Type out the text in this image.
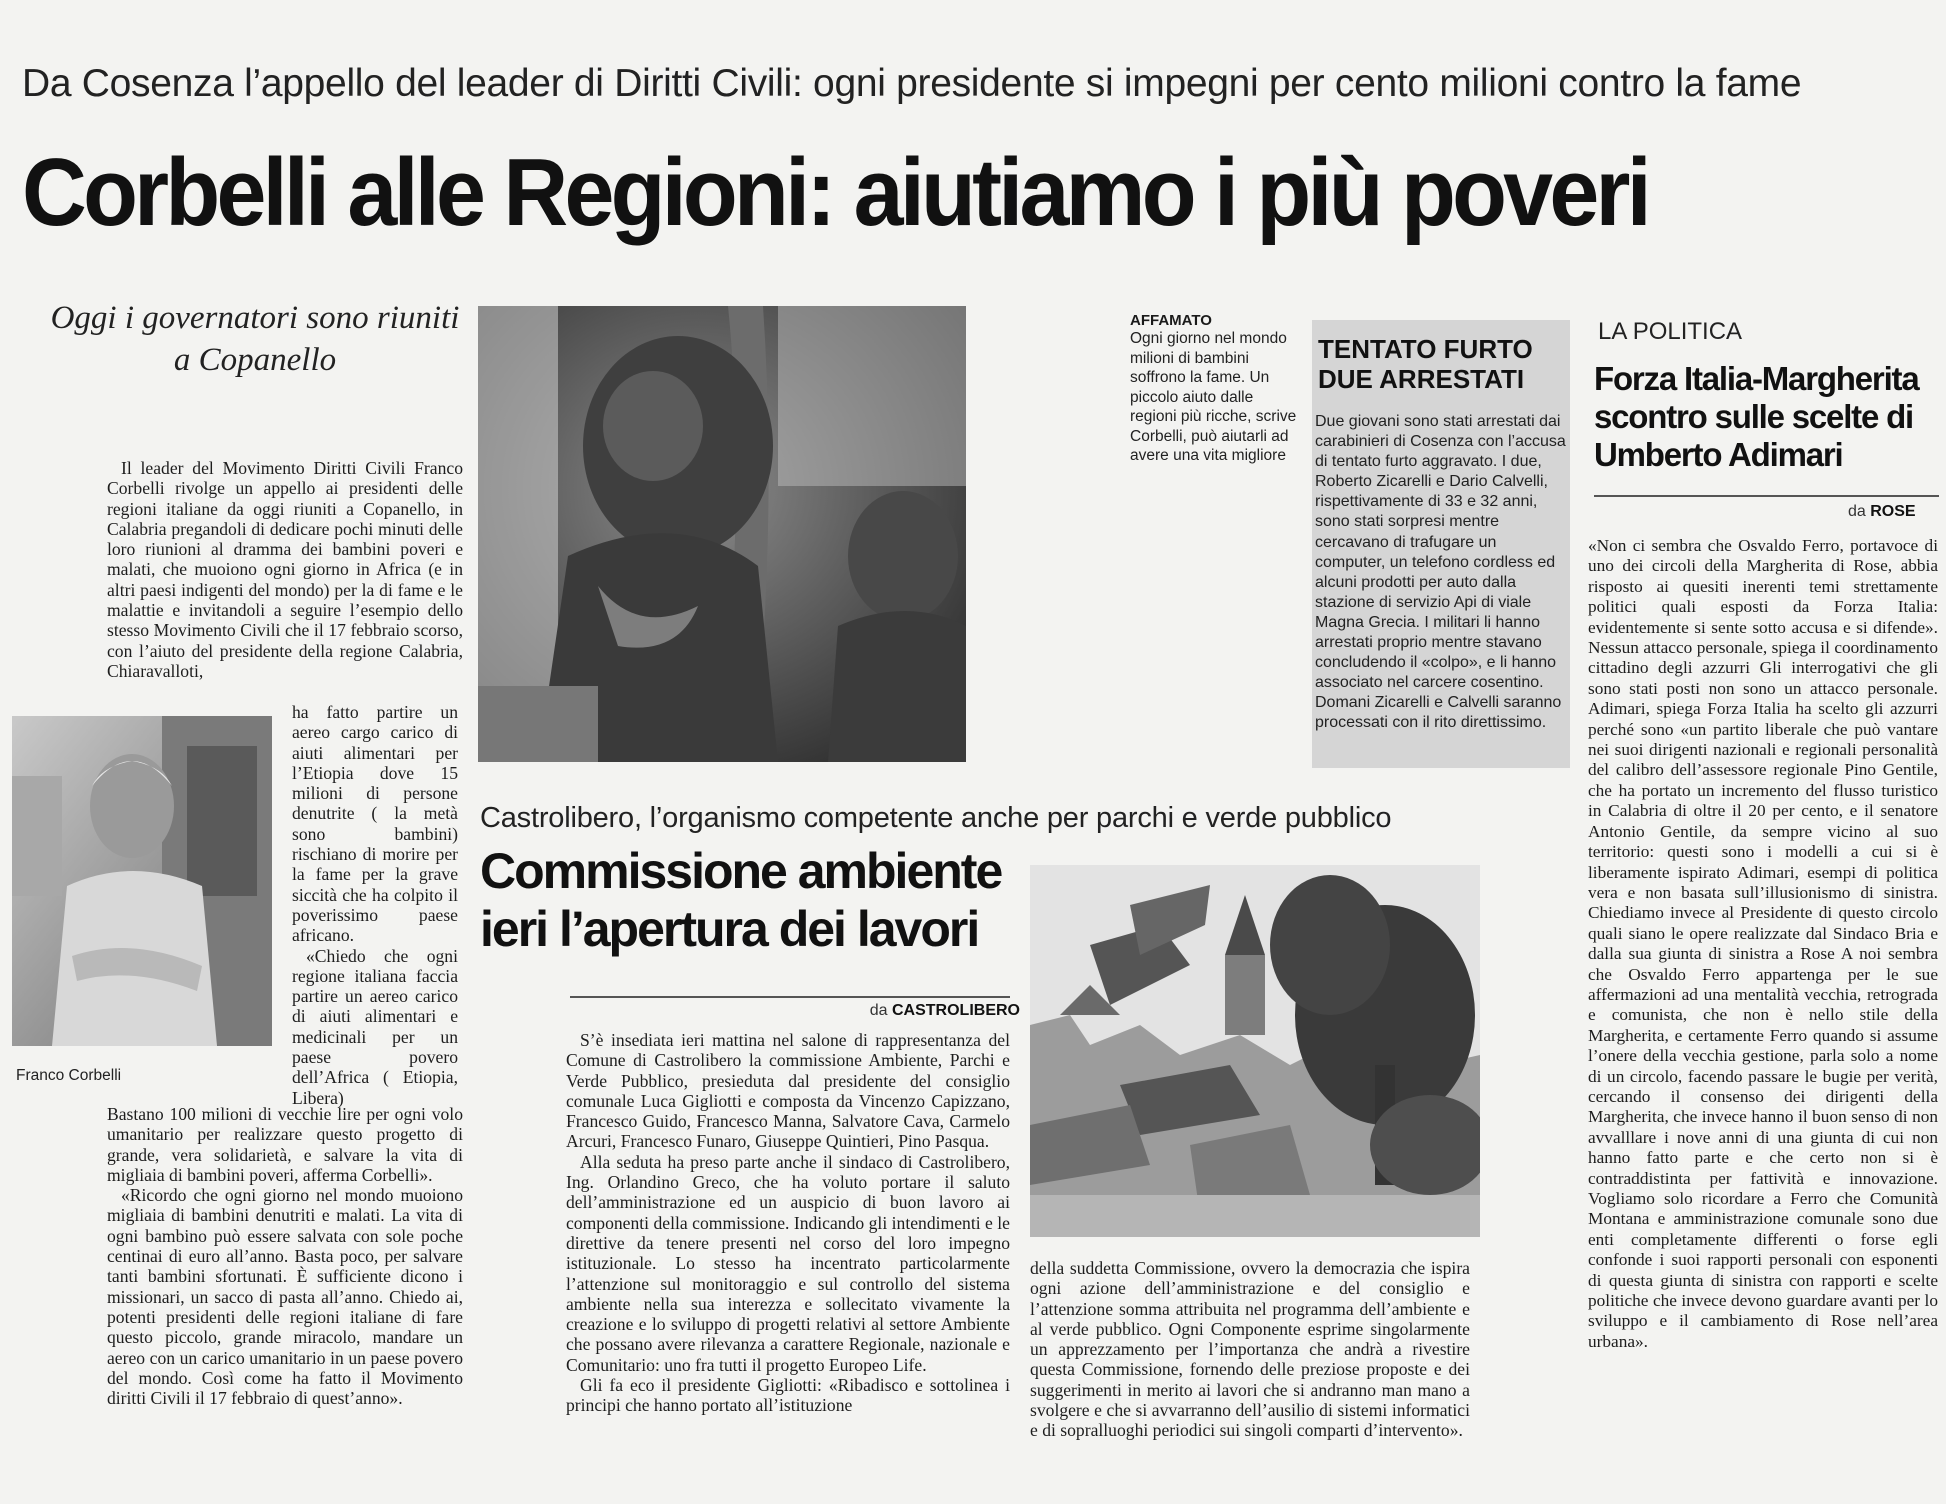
Da Cosenza l’appello del leader di Diritti Civili: ogni presidente si impegni per cento milioni contro la fame
Corbelli alle Regioni: aiutiamo i più poveri
Oggi i governatori sono riuniti a Copanello

Il leader del Movimento Diritti Civili Franco Corbelli rivolge un appello ai presidenti delle regioni italiane da oggi riuniti a Copanello, in Calabria pregandoli di dedicare pochi minuti delle loro riunioni al dramma dei bambini poveri e malati, che muoiono ogni giorno in Africa (e in altri paesi indigenti del mondo) per la di fame e le malattie e invitandoli a seguire l’esempio dello stesso Movimento Civili che il 17 febbraio scorso, con l’aiuto del presidente della regione Calabria, Chiaravalloti,

Franco Corbelli

ha fatto partire un aereo cargo carico di aiuti alimentari per l’Etiopia dove 15 milioni di persone denutrite ( la metà sono bambini) rischiano di morire per la fame per la grave siccità che ha colpito il poverissimo paese africano.

«Chiedo che ogni regione italiana faccia partire un aereo carico di aiuti alimentari e medicinali per un paese povero dell’Africa ( Etiopia, Libera)

Bastano 100 milioni di vecchie lire per ogni volo umanitario per realizzare questo progetto di grande, vera solidarietà, e salvare la vita di migliaia di bambini poveri, afferma Corbelli».

«Ricordo che ogni giorno nel mondo muoiono migliaia di bambini denutriti e malati. La vita di ogni bambino può essere salvata con sole poche centinai di euro all’anno. Basta poco, per salvare tanti bambini sfortunati. È sufficiente dicono i missionari, un sacco di pasta all’anno. Chiedo ai, potenti presidenti delle regioni italiane di fare questo piccolo, grande miracolo, mandare un aereo con un carico umanitario in un paese povero del mondo. Così come ha fatto il Movimento diritti Civili il 17 febbraio di quest’anno».

AFFAMATO
Ogni giorno nel mondo milioni di bambini soffrono la fame. Un piccolo aiuto dalle regioni più ricche, scrive Corbelli, può aiutarli ad avere una vita migliore
TENTATO FURTO DUE ARRESTATI
Due giovani sono stati arrestati dai carabinieri di Cosenza con l’accusa di tentato furto aggravato. I due, Roberto Zicarelli e Dario Calvelli, rispettivamente di 33 e 32 anni, sono stati sorpresi mentre cercavano di trafugare un computer, un telefono cordless ed alcuni prodotti per auto dalla stazione di servizio Api di viale Magna Grecia. I militari li hanno arrestati proprio mentre stavano concludendo il «colpo», e li hanno associato nel carcere cosentino. Domani Zicarelli e Calvelli saranno processati con il rito direttissimo.
LA POLITICA
Forza Italia-Margherita scontro sulle scelte di Umberto Adimari
da ROSE

«Non ci sembra che Osvaldo Ferro, portavoce di uno dei circoli della Margherita di Rose, abbia risposto ai quesiti inerenti temi strettamente politici quali esposti da Forza Italia: evidentemente si sente sotto accusa e si difende». Nessun attacco personale, spiega il coordinamento cittadino degli azzurri Gli interrogativi che gli sono stati posti non sono un attacco personale. Adimari, spiega Forza Italia ha scelto gli azzurri perché sono «un partito liberale che può vantare nei suoi dirigenti nazionali e regionali personalità del calibro dell’assessore regionale Pino Gentile, che ha portato un incremento del flusso turistico in Calabria di oltre il 20 per cento, e il senatore Antonio Gentile, da sempre vicino al suo territorio: questi sono i modelli a cui si è liberamente ispirato Adimari, esempi di politica vera e non basata sull’illusionismo di sinistra. Chiediamo invece al Presidente di questo circolo quali siano le opere realizzate dal Sindaco Bria e dalla sua giunta di sinistra a Rose A noi sembra che Osvaldo Ferro appartenga per le sue affermazioni ad una mentalità vecchia, retrograda e comunista, che non è nello stile della Margherita, e certamente Ferro quando si assume l’onere della vecchia gestione, parla solo a nome di un circolo, facendo passare le bugie per verità, cercando il consenso dei dirigenti della Margherita, che invece hanno il buon senso di non avvalllare i nove anni di una giunta di cui non hanno fatto parte e che certo non si è contraddistinta per fattività e innovazione. Vogliamo solo ricordare a Ferro che Comunità Montana e amministrazione comunale sono due enti completamente differenti o forse egli confonde i suoi rapporti personali con esponenti di questa giunta di sinistra con rapporti e scelte politiche che invece devono guardare avanti per lo sviluppo e il cambiamento di Rose nell’area urbana».

Castrolibero, l’organismo competente anche per parchi e verde pubblico
Commissione ambiente
ieri l’apertura dei lavori
da CASTROLIBERO

S’è insediata ieri mattina nel salone di rappresentanza del Comune di Castrolibero la commissione Ambiente, Parchi e Verde Pubblico, presieduta dal presidente del consiglio comunale Luca Gigliotti e composta da Vincenzo Capizzano, Francesco Guido, Francesco Manna, Salvatore Cava, Carmelo Arcuri, Francesco Funaro, Giuseppe Quintieri, Pino Pasqua.

Alla seduta ha preso parte anche il sindaco di Castrolibero, Ing. Orlandino Greco, che ha voluto portare il saluto dell’amministrazione ed un auspicio di buon lavoro ai componenti della commissione. Indicando gli intendimenti e le direttive da tenere presenti nel corso del loro impegno istituzionale. Lo stesso ha incentrato particolarmente l’attenzione sul monitoraggio e sul controllo del sistema ambiente nella sua interezza e sollecitato vivamente la creazione e lo sviluppo di progetti relativi al settore Ambiente che possano avere rilevanza a carattere Regionale, nazionale e Comunitario: uno fra tutti il progetto Europeo Life.

Gli fa eco il presidente Gigliotti: «Ribadisco e sottolinea i principi che hanno portato all’istituzione

della suddetta Commissione, ovvero la democrazia che ispira ogni azione dell’amministrazione e del consiglio e l’attenzione somma attribuita nel programma dell’ambiente e al verde pubblico. Ogni Componente esprime singolarmente un apprezzamento per l’importanza che andrà a rivestire questa Commissione, fornendo delle preziose proposte e dei suggerimenti in merito ai lavori che si andranno man mano a svolgere e che si avvarranno dell’ausilio di sistemi informatici e di sopralluoghi periodici sui singoli comparti d’intervento».
